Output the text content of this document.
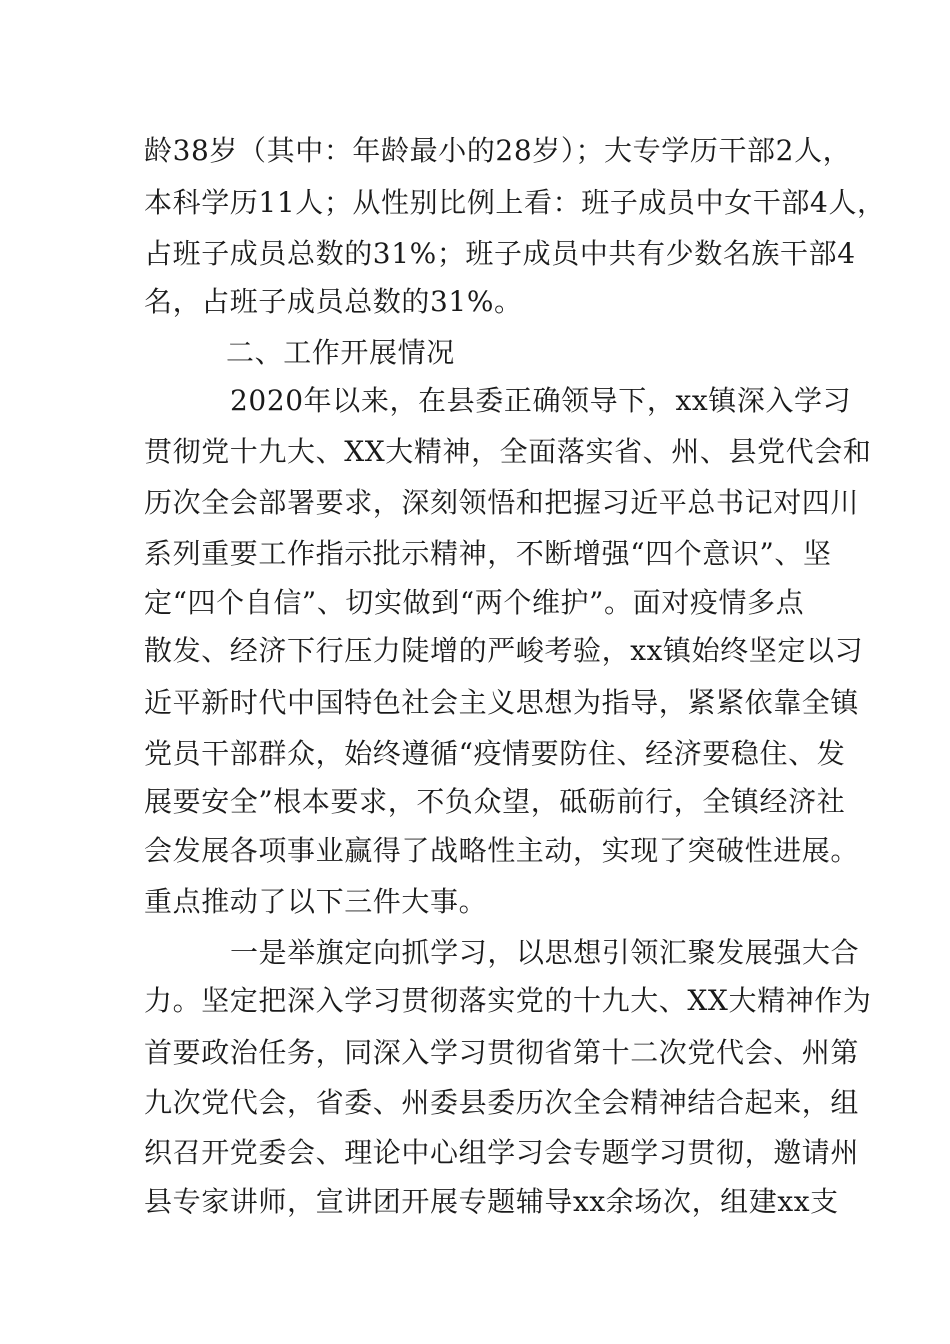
龄38岁（其中：年龄最小的28岁）；大专学历干部2人，
本科学历11人；从性别比例上看：班子成员中女干部4人，
占班子成员总数的31%；班子成员中共有少数名族干部4
名，占班子成员总数的31%。
二、工作开展情况
2020年以来，在县委正确领导下，xx镇深入学习
贯彻党十九大、XX大精神，全面落实省、州、县党代会和
历次全会部署要求，深刻领悟和把握习近平总书记对四川
系列重要工作指示批示精神，不断增强“四个意识”、坚
定“四个自信”、切实做到“两个维护”。面对疫情多点
散发、经济下行压力陡增的严峻考验，xx镇始终坚定以习
近平新时代中国特色社会主义思想为指导，紧紧依靠全镇
党员干部群众，始终遵循“疫情要防住、经济要稳住、发
展要安全”根本要求，不负众望，砥砺前行，全镇经济社
会发展各项事业赢得了战略性主动，实现了突破性进展。
重点推动了以下三件大事。
一是举旗定向抓学习，以思想引领汇聚发展强大合
力。坚定把深入学习贯彻落实党的十九大、XX大精神作为
首要政治任务，同深入学习贯彻省第十二次党代会、州第
九次党代会，省委、州委县委历次全会精神结合起来，组
织召开党委会、理论中心组学习会专题学习贯彻，邀请州
县专家讲师，宣讲团开展专题辅导xx余场次，组建xx支
